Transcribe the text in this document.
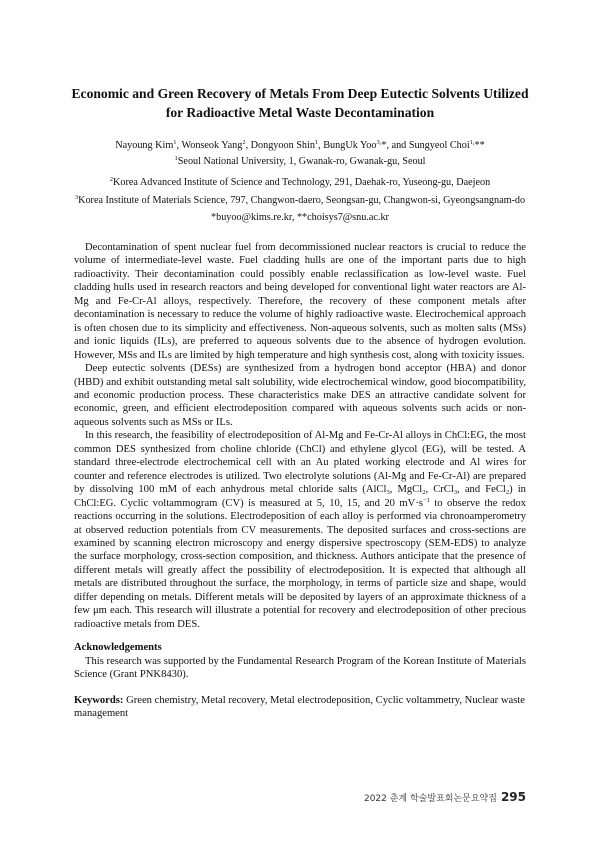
Economic and Green Recovery of Metals From Deep Eutectic Solvents Utilized
for Radioactive Metal Waste Decontamination
Nayoung Kim$^1$, Wonseok Yang$^2$, Dongyoon Shin$^1$, BungUk Yoo$^{3,}$*, and Sungyeol Choi$^{1,}$**
$^1$Seoul National University, 1, Gwanak-ro, Gwanak-gu, Seoul
$^2$Korea Advanced Institute of Science and Technology, 291, Daehak-ro, Yuseong-gu, Daejeon
$^3$Korea Institute of Materials Science, 797, Changwon-daero, Seongsan-gu, Changwon-si, Gyeongsangnam-do
*buyoo@kims.re.kr, **choisys7@snu.ac.kr

Decontamination of spent nuclear fuel from decommissioned nuclear reactors is crucial to reduce the volume of intermediate-level waste. Fuel cladding hulls are one of the important parts due to high radioactivity. Their decontamination could possibly enable reclassification as low-level waste. Fuel cladding hulls used in research reactors and being developed for conventional light water reactors are Al-Mg and Fe-Cr-Al alloys, respectively. Therefore, the recovery of these component metals after decontamination is necessary to reduce the volume of highly radioactive waste. Electrochemical approach is often chosen due to its simplicity and effectiveness. Non-aqueous solvents, such as molten salts (MSs) and ionic liquids (ILs), are preferred to aqueous solvents due to the absence of hydrogen evolution. However, MSs and ILs are limited by high temperature and high synthesis cost, along with toxicity issues.

Deep eutectic solvents (DESs) are synthesized from a hydrogen bond acceptor (HBA) and donor (HBD) and exhibit outstanding metal salt solubility, wide electrochemical window, good biocompatibility, and economic production process. These characteristics make DES an attractive candidate solvent for economic, green, and efficient electrodeposition compared with aqueous solvents such acids or non-aqueous solvents such as MSs or ILs.

In this research, the feasibility of electrodeposition of Al-Mg and Fe-Cr-Al alloys in ChCl:EG, the most common DES synthesized from choline chloride (ChCl) and ethylene glycol (EG), will be tested. A standard three-electrode electrochemical cell with an Au plated working electrode and Al wires for counter and reference electrodes is utilized. Two electrolyte solutions (Al-Mg and Fe-Cr-Al) are prepared by dissolving 100 mM of each anhydrous metal chloride salts (AlCl$_3$, MgCl$_2$, CrCl$_3$, and FeCl$_2$) in ChCl:EG. Cyclic voltammogram (CV) is measured at 5, 10, 15, and 20 $mV\cdot s^{-1}$ to observe the redox reactions occurring in the solutions. Electrodeposition of each alloy is performed via chronoamperometry at observed reduction potentials from CV measurements. The deposited surfaces and cross-sections are examined by scanning electron microscopy and energy dispersive spectroscopy (SEM-EDS) to analyze the surface morphology, cross-section composition, and thickness. Authors anticipate that the presence of different metals will greatly affect the possibility of electrodeposition. It is expected that although all metals are distributed throughout the surface, the morphology, in terms of particle size and shape, would differ depending on metals. Different metals will be deposited by layers of an approximate thickness of a few μm each. This research will illustrate a potential for recovery and electrodeposition of other precious radioactive metals from DES.

Acknowledgements
This research was supported by the Fundamental Research Program of the Korean Institute of Materials Science (Grant PNK8430).
Keywords: Green chemistry, Metal recovery, Metal electrodeposition, Cyclic voltammetry, Nuclear waste management
2022 춘계 학술발표회논문요약집 295
